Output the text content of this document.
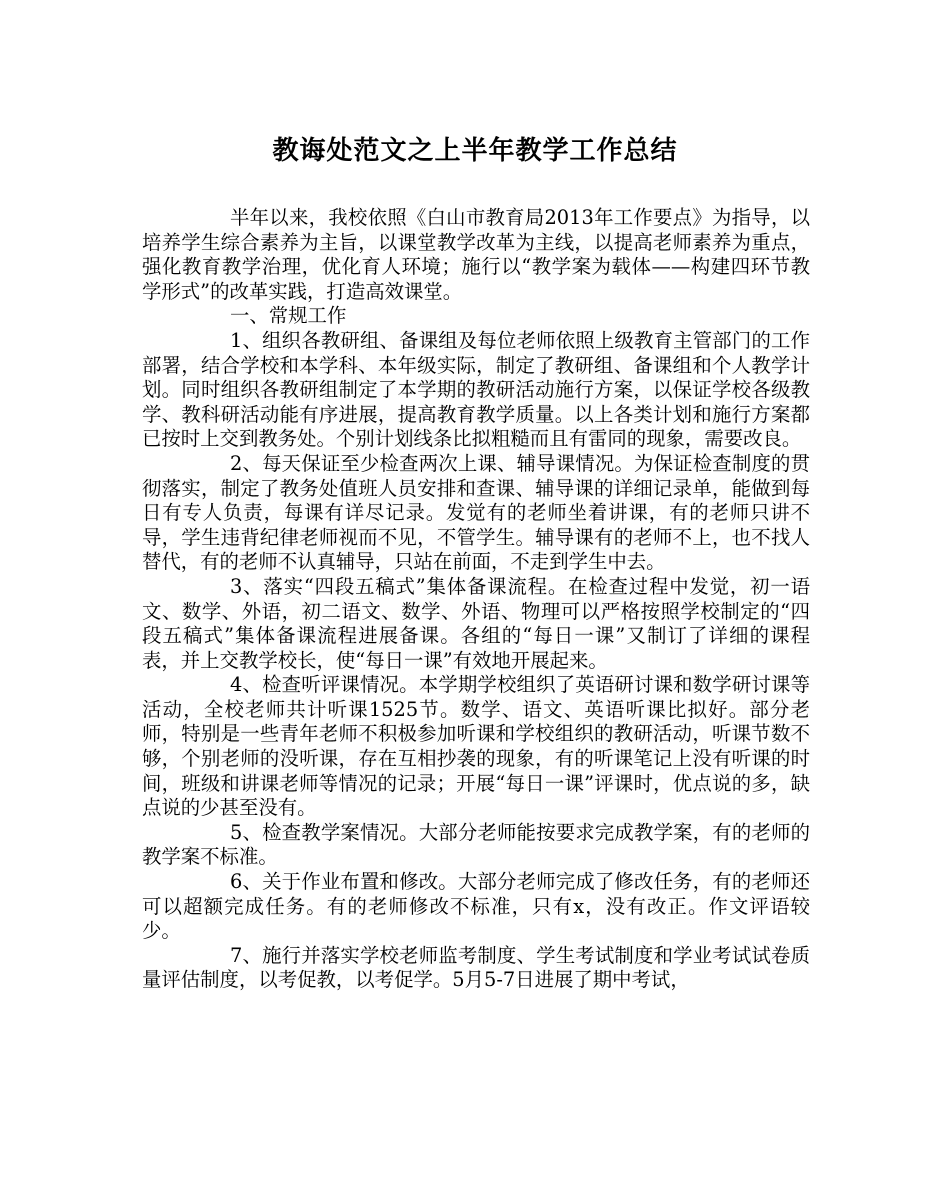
教诲处范文之上半年教学工作总结

半年以来，我校依照《白山市教育局2013年工作要点》为指导，以培养学生综合素养为主旨，以课堂教学改革为主线，以提高老师素养为重点，强化教育教学治理，优化育人环境；施行以“教学案为载体——构建四环节教学形式”的改革实践，打造高效课堂。

一、常规工作

1、组织各教研组、备课组及每位老师依照上级教育主管部门的工作部署，结合学校和本学科、本年级实际，制定了教研组、备课组和个人教学计划。同时组织各教研组制定了本学期的教研活动施行方案，以保证学校各级教学、教科研活动能有序进展，提高教育教学质量。以上各类计划和施行方案都已按时上交到教务处。个别计划线条比拟粗糙而且有雷同的现象，需要改良。

2、每天保证至少检查两次上课、辅导课情况。为保证检查制度的贯彻落实，制定了教务处值班人员安排和查课、辅导课的详细记录单，能做到每日有专人负责，每课有详尽记录。发觉有的老师坐着讲课，有的老师只讲不导，学生违背纪律老师视而不见，不管学生。辅导课有的老师不上，也不找人替代，有的老师不认真辅导，只站在前面，不走到学生中去。

3、落实“四段五稿式”集体备课流程。在检查过程中发觉，初一语文、数学、外语，初二语文、数学、外语、物理可以严格按照学校制定的“四段五稿式”集体备课流程进展备课。各组的“每日一课”又制订了详细的课程表，并上交教学校长，使“每日一课”有效地开展起来。

4、检查听评课情况。本学期学校组织了英语研讨课和数学研讨课等活动，全校老师共计听课1525节。数学、语文、英语听课比拟好。部分老师，特别是一些青年老师不积极参加听课和学校组织的教研活动，听课节数不够，个别老师的没听课，存在互相抄袭的现象，有的听课笔记上没有听课的时间，班级和讲课老师等情况的记录；开展“每日一课”评课时，优点说的多，缺点说的少甚至没有。

5、检查教学案情况。大部分老师能按要求完成教学案，有的老师的教学案不标准。

6、关于作业布置和修改。大部分老师完成了修改任务，有的老师还可以超额完成任务。有的老师修改不标准，只有x，没有改正。作文评语较少。

7、施行并落实学校老师监考制度、学生考试制度和学业考试试卷质量评估制度，以考促教，以考促学。5月5-7日进展了期中考试，
